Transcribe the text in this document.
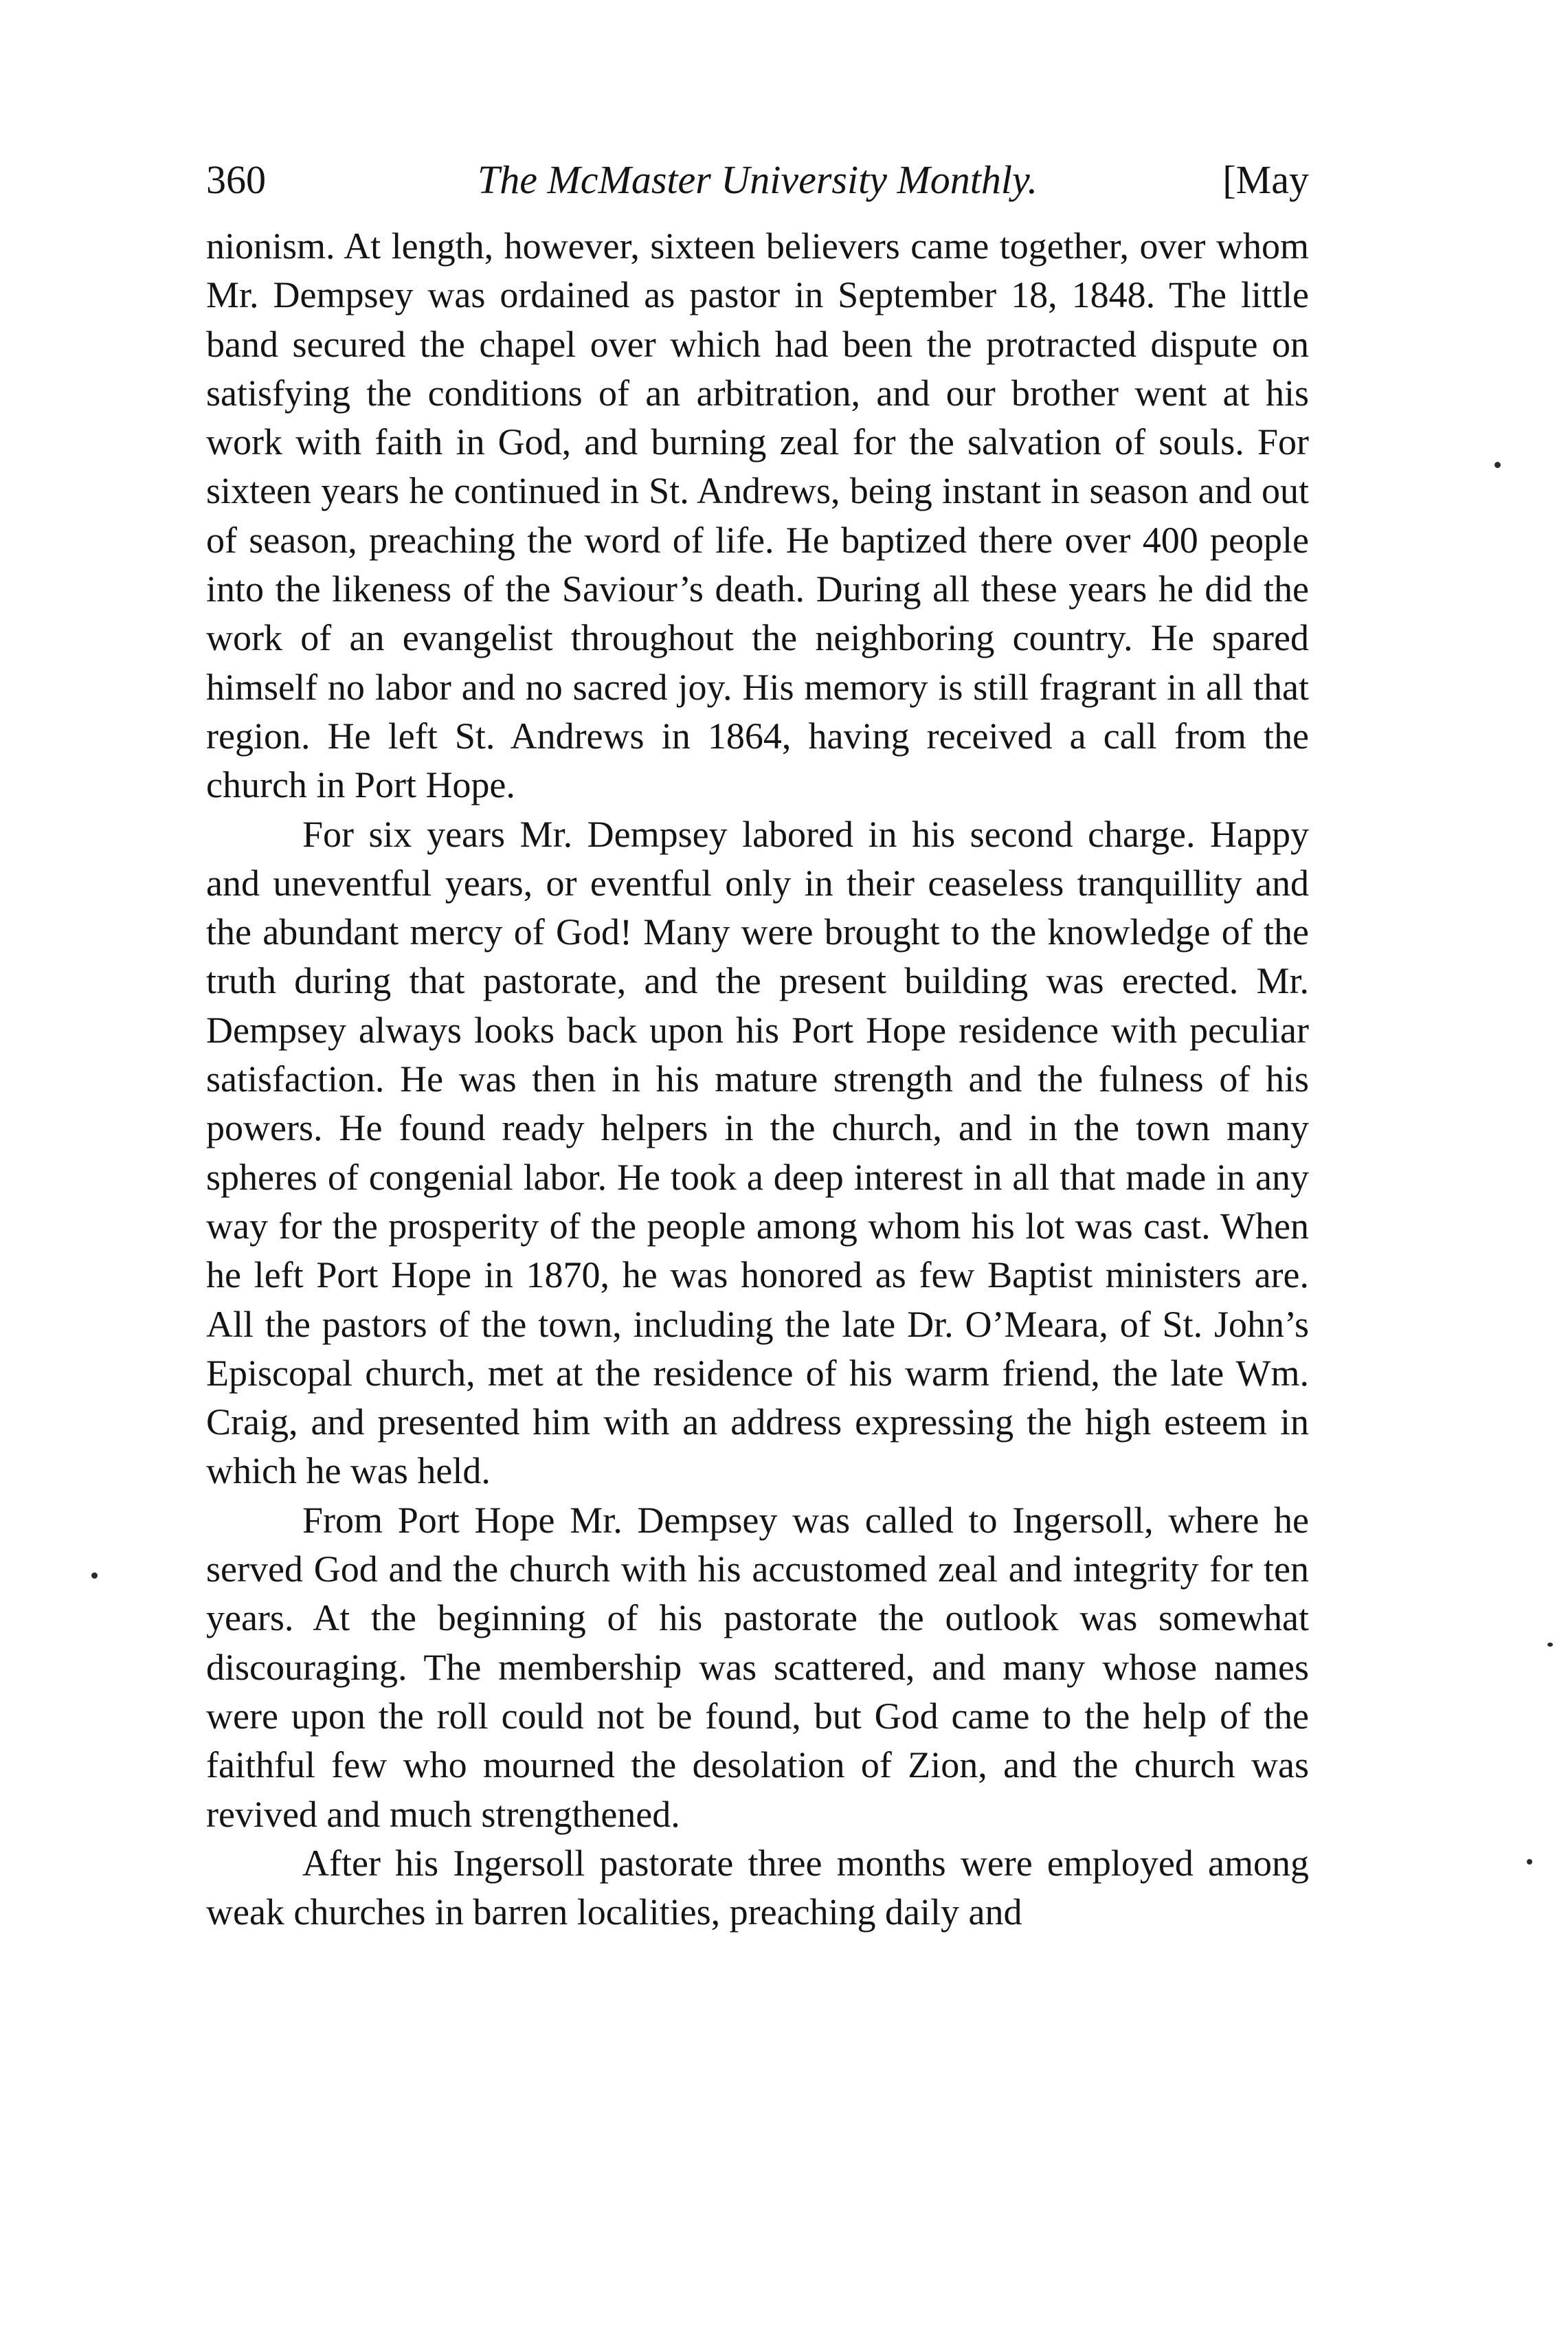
360	The McMaster University Monthly.	[May

nionism. At length, however, sixteen believers came together, over whom Mr. Dempsey was ordained as pastor in September 18, 1848. The little band secured the chapel over which had been the protracted dispute on satisfying the conditions of an arbitration, and our brother went at his work with faith in God, and burning zeal for the salvation of souls. For sixteen years he continued in St. Andrews, being instant in season and out of season, preaching the word of life. He baptized there over 400 people into the likeness of the Saviour’s death. During all these years he did the work of an evangelist throughout the neighboring country. He spared himself no labor and no sacred joy. His memory is still fragrant in all that region. He left St. Andrews in 1864, having received a call from the church in Port Hope.

For six years Mr. Dempsey labored in his second charge. Happy and uneventful years, or eventful only in their ceaseless tranquillity and the abundant mercy of God! Many were brought to the knowledge of the truth during that pastorate, and the present building was erected. Mr. Dempsey always looks back upon his Port Hope residence with peculiar satisfaction. He was then in his mature strength and the fulness of his powers. He found ready helpers in the church, and in the town many spheres of congenial labor. He took a deep interest in all that made in any way for the prosperity of the people among whom his lot was cast. When he left Port Hope in 1870, he was honored as few Baptist ministers are. All the pastors of the town, including the late Dr. O’Meara, of St. John’s Episcopal church, met at the residence of his warm friend, the late Wm. Craig, and presented him with an address expressing the high esteem in which he was held.

From Port Hope Mr. Dempsey was called to Ingersoll, where he served God and the church with his accustomed zeal and integrity for ten years. At the beginning of his pastorate the outlook was somewhat discouraging. The membership was scattered, and many whose names were upon the roll could not be found, but God came to the help of the faithful few who mourned the desolation of Zion, and the church was revived and much strengthened.

After his Ingersoll pastorate three months were employed among weak churches in barren localities, preaching daily and
